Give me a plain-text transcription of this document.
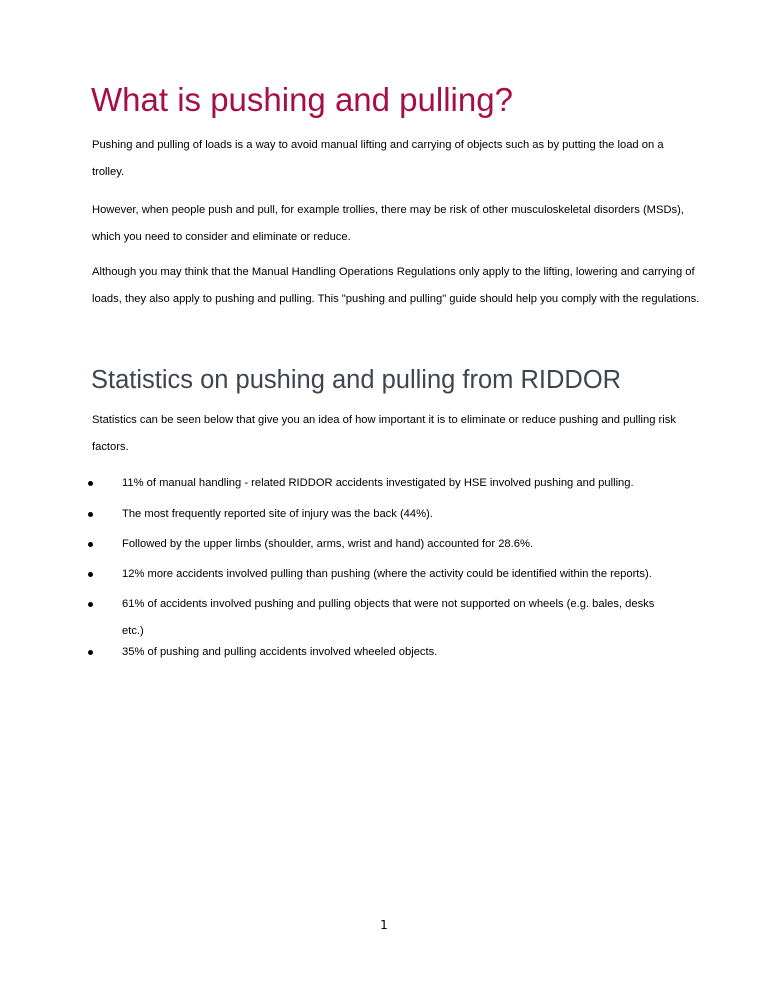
What is pushing and pulling?

Pushing and pulling of loads is a way to avoid manual lifting and carrying of objects such as by putting the load on a trolley.

However, when people push and pull, for example trollies, there may be risk of other musculoskeletal disorders (MSDs), which you need to consider and eliminate or reduce.

Although you may think that the Manual Handling Operations Regulations only apply to the lifting, lowering and carrying of loads, they also apply to pushing and pulling. This "pushing and pulling" guide should help you comply with the regulations.

Statistics on pushing and pulling from RIDDOR

Statistics can be seen below that give you an idea of how important it is to eliminate or reduce pushing and pulling risk factors.

11% of manual handling - related RIDDOR accidents investigated by HSE involved pushing and pulling.
The most frequently reported site of injury was the back (44%).
Followed by the upper limbs (shoulder, arms, wrist and hand) accounted for 28.6%.
12% more accidents involved pulling than pushing (where the activity could be identified within the reports).
61% of accidents involved pushing and pulling objects that were not supported on wheels (e.g. bales, desks etc.)
35% of pushing and pulling accidents involved wheeled objects.
1
